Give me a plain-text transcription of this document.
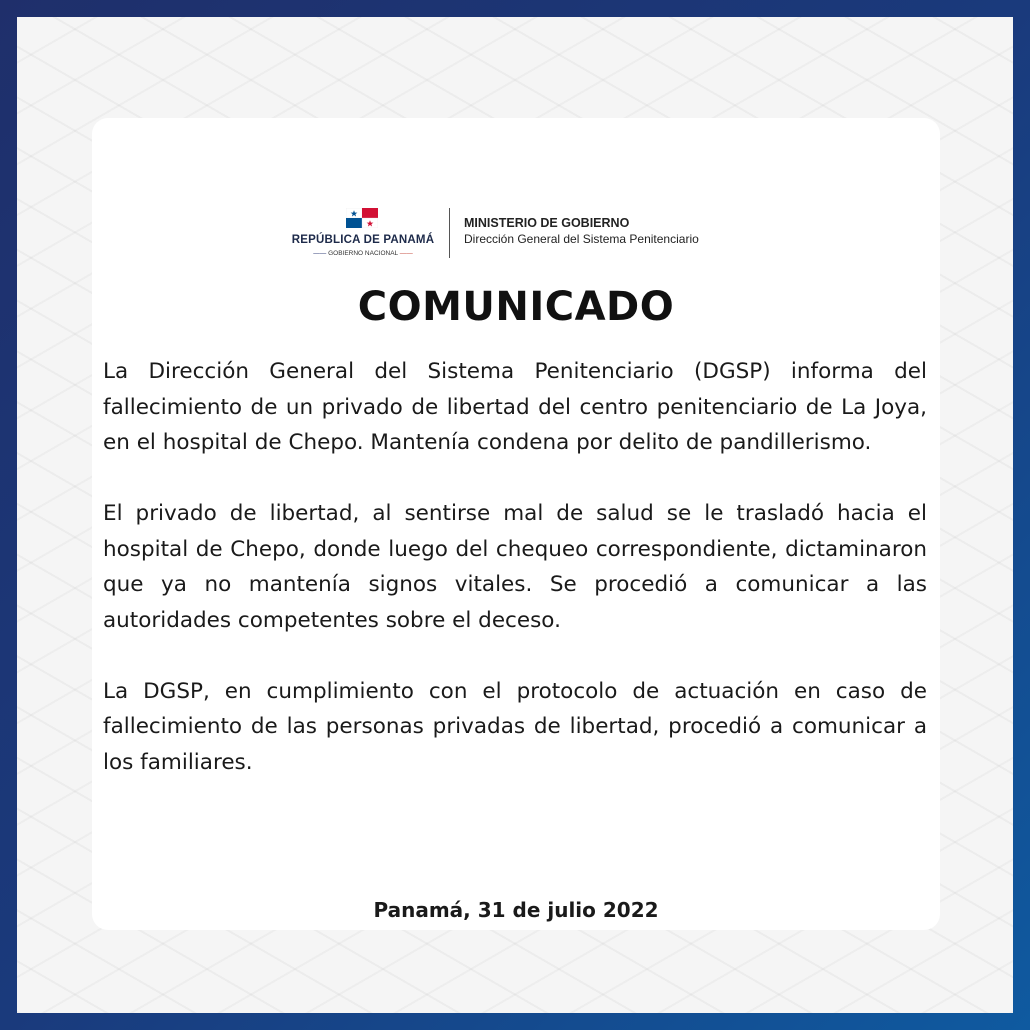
REPÚBLICA DE PANAMÁ
—— GOBIERNO NACIONAL ——
MINISTERIO DE GOBIERNO
Dirección General del Sistema Penitenciario
COMUNICADO

La Dirección General del Sistema Penitenciario (DGSP) informa del fallecimiento de un privado de libertad del centro penitenciario de La Joya, en el hospital de Chepo. Mantenía condena por delito de pandillerismo.

El privado de libertad, al sentirse mal de salud se le trasladó hacia el hospital de Chepo, donde luego del chequeo correspondiente, dictaminaron que ya no mantenía signos vitales. Se procedió a comunicar a las autoridades competentes sobre el deceso.

La DGSP, en cumplimiento con el protocolo de actuación en caso de fallecimiento de las personas privadas de libertad, procedió a comunicar a los familiares.

Panamá, 31 de julio 2022
